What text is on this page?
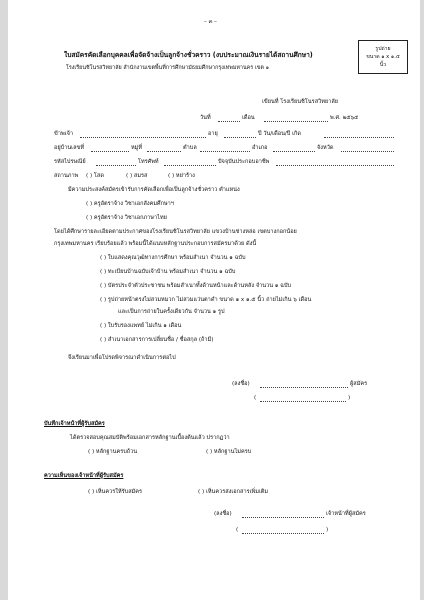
– ๓ –
รูปถ่าย
ขนาด ๑ x ๑.๕
นิ้ว
ใบสมัครคัดเลือกบุคคลเพื่อจัดจ้างเป็นลูกจ้างชั่วคราว (งบประมาณเงินรายได้สถานศึกษา)
โรงเรียนชิโนรสวิทยาลัย สำนักงานเขตพื้นที่การศึกษามัธยมศึกษากรุงเทพมหานคร เขต ๑
เขียนที่ โรงเรียนชิโนรสวิทยาลัย
วันที่	เดือน	พ.ศ. ๒๕๖๕
ข้าพเจ้า	อายุ	ปี วัน/เดือน/ปี เกิด
อยู่บ้านเลขที่	หมู่ที่	ตำบล	อำเภอ	จังหวัด
รหัสไปรษณีย์	โทรศัพท์	ปัจจุบันประกอบอาชีพ
สถานภาพ ( ) โสด	( ) สมรส	( ) หย่าร้าง
มีความประสงค์สมัครเข้ารับการคัดเลือกเพื่อเป็นลูกจ้างชั่วคราว ตำแหน่ง
( ) ครูอัตราจ้าง วิชาเอกสังคมศึกษาฯ
( ) ครูอัตราจ้าง วิชาเอกภาษาไทย
โดยได้ศึกษารายละเอียดตามประกาศของโรงเรียนชิโนรสวิทยาลัย แขวงบ้านช่างหล่อ เขตบางกอกน้อย
กรุงเทพมหานคร เรียบร้อยแล้ว พร้อมนี้ได้แนบหลักฐานประกอบการสมัครมาด้วย ดังนี้
( ) ใบแสดงคุณวุฒิทางการศึกษา พร้อมสำเนา จำนวน ๑ ฉบับ
( ) ทะเบียนบ้านฉบับเจ้าบ้าน พร้อมสำเนา จำนวน ๑ ฉบับ
( ) บัตรประจำตัวประชาชน พร้อมสำเนาทั้งด้านหน้าและด้านหลัง จำนวน ๑ ฉบับ
( ) รูปถ่ายหน้าตรงไม่สวมหมวก ไม่สวมแว่นตาดำ ขนาด ๑ x ๑.๕ นิ้ว ถ่ายไม่เกิน ๖ เดือน
และเป็นการถ่ายในครั้งเดียวกัน จำนวน ๑ รูป
( ) ใบรับรองแพทย์ ไม่เกิน ๑ เดือน
( ) สำเนาเอกสารการเปลี่ยนชื่อ / ชื่อสกุล (ถ้ามี)
จึงเรียนมาเพื่อโปรดพิจารณาดำเนินการต่อไป
(ลงชื่อ)	ผู้สมัคร
(	)
บันทึกเจ้าหน้าที่ผู้รับสมัคร
ได้ตรวจสอบคุณสมบัติพร้อมเอกสารหลักฐานเบื้องต้นแล้ว ปรากฏว่า
( ) หลักฐานครบถ้วน	( ) หลักฐานไม่ครบ
ความเห็นของเจ้าหน้าที่ผู้รับสมัคร
( ) เห็นควรให้รับสมัคร	( ) เห็นควรส่งเอกสารเพิ่มเติม
(ลงชื่อ)	เจ้าหน้าที่ผู้สมัคร
(	)
